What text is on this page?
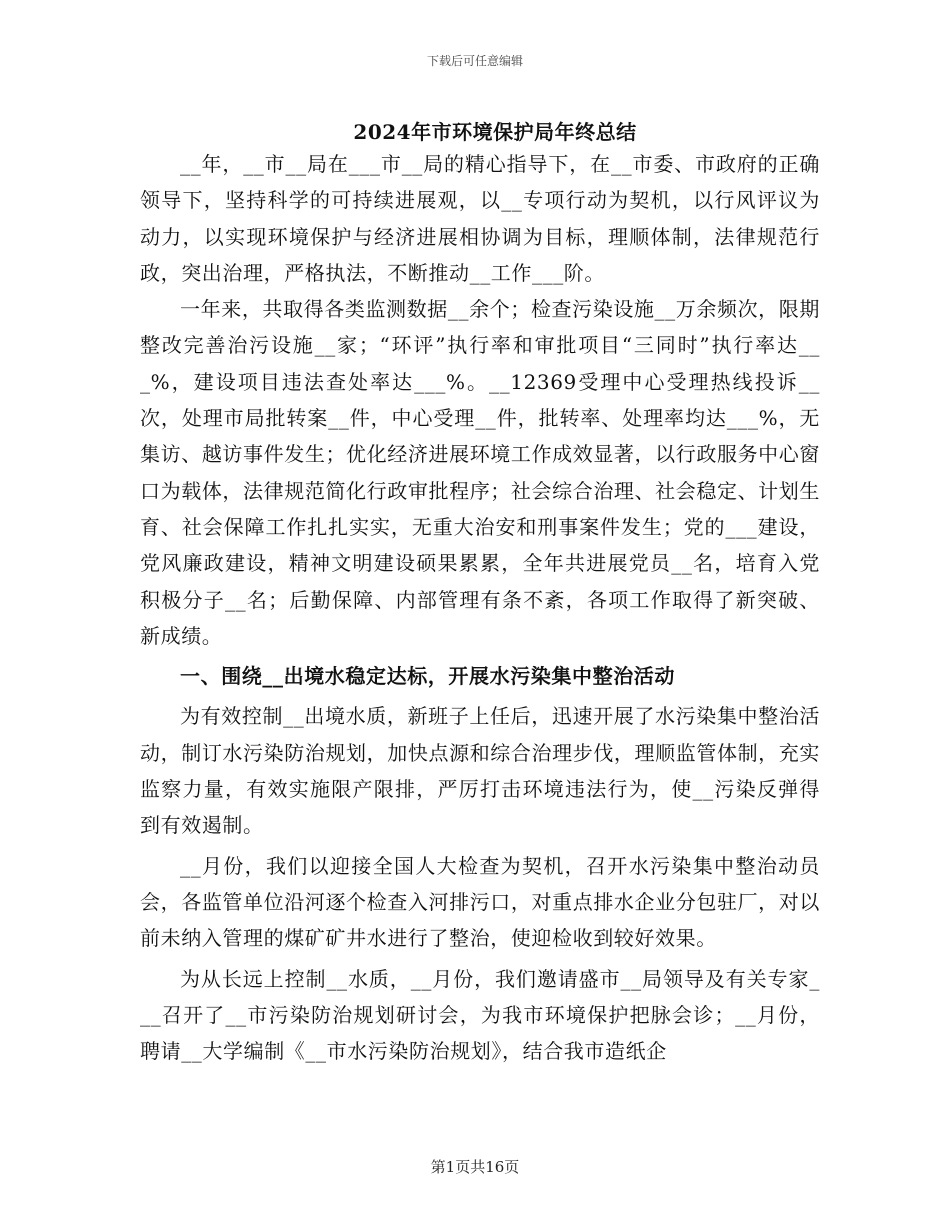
下载后可任意编辑
2024年市环境保护局年终总结

__年，__市__局在___市__局的精心指导下，在__市委、市政府的正确领导下，坚持科学的可持续进展观，以__专项行动为契机，以行风评议为动力，以实现环境保护与经济进展相协调为目标，理顺体制，法律规范行政，突出治理，严格执法，不断推动__工作___阶。

一年来，共取得各类监测数据__余个；检查污染设施__万余频次，限期整改完善治污设施__家；“环评”执行率和审批项目“三同时”执行率达___%，建设项目违法查处率达___%。__12369受理中心受理热线投诉__次，处理市局批转案__件，中心受理__件，批转率、处理率均达___%，无集访、越访事件发生；优化经济进展环境工作成效显著，以行政服务中心窗口为载体，法律规范简化行政审批程序；社会综合治理、社会稳定、计划生育、社会保障工作扎扎实实，无重大治安和刑事案件发生；党的___建设，党风廉政建设，精神文明建设硕果累累，全年共进展党员__名，培育入党积极分子__名；后勤保障、内部管理有条不紊，各项工作取得了新突破、新成绩。

一、围绕__出境水稳定达标，开展水污染集中整治活动

为有效控制__出境水质，新班子上任后，迅速开展了水污染集中整治活动，制订水污染防治规划，加快点源和综合治理步伐，理顺监管体制，充实监察力量，有效实施限产限排，严厉打击环境违法行为，使__污染反弹得到有效遏制。

__月份，我们以迎接全国人大检查为契机，召开水污染集中整治动员会，各监管单位沿河逐个检查入河排污口，对重点排水企业分包驻厂，对以前未纳入管理的煤矿矿井水进行了整治，使迎检收到较好效果。

为从长远上控制__水质，__月份，我们邀请盛市__局领导及有关专家___召开了__市污染防治规划研讨会，为我市环境保护把脉会诊；__月份，聘请__大学编制《__市水污染防治规划》，结合我市造纸企

第1页共16页
